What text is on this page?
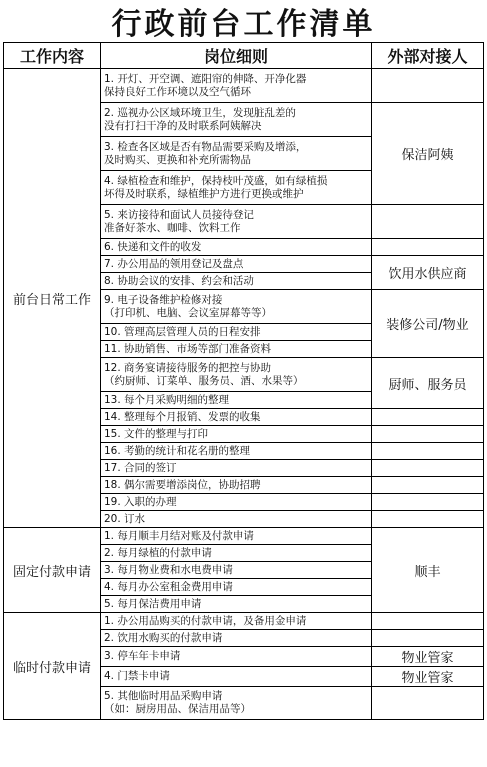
行政前台工作清单
工作内容	岗位细则	外部对接人
前台日常工作	1. 开灯、开空调、遮阳帘的伸降、开净化器
保持良好工作环境以及空气循环	
	2. 巡视办公区域环境卫生，发现脏乱差的
没有打扫干净的及时联系阿姨解决	保洁阿姨
	3. 检查各区域是否有物品需要采购及增添，
及时购买、更换和补充所需物品	
	4. 绿植检查和维护，保持枝叶茂盛，如有绿植损
坏得及时联系，绿植维护方进行更换或维护	
	5. 来访接待和面试人员接待登记
准备好茶水、咖啡、饮料工作	
	6. 快递和文件的收发	
	7. 办公用品的领用登记及盘点	饮用水供应商
	8. 协助会议的安排、约会和活动	
	9. 电子设备维护检修对接
（打印机、电脑、会议室屏幕等等）	装修公司/物业
	10. 管理高层管理人员的日程安排	
	11. 协助销售、市场等部门准备资料	
	12. 商务宴请接待服务的把控与协助
（约厨师、订菜单、服务员、酒、水果等）	厨师、服务员
	13. 每个月采购明细的整理	
	14. 整理每个月报销、发票的收集	
	15. 文件的整理与打印	
	16. 考勤的统计和花名册的整理	
	17. 合同的签订	
	18. 偶尔需要增添岗位，协助招聘	
	19. 入职的办理	
	20. 订水	
固定付款申请	1. 每月顺丰月结对账及付款申请	顺丰
	2. 每月绿植的付款申请	
	3. 每月物业费和水电费申请	
	4. 每月办公室租金费用申请	
	5. 每月保洁费用申请	
临时付款申请	1. 办公用品购买的付款申请，及备用金申请	
	2. 饮用水购买的付款申请	
	3. 停车年卡申请	物业管家
	4. 门禁卡申请	物业管家
	5. 其他临时用品采购申请
（如：厨房用品、保洁用品等）	
